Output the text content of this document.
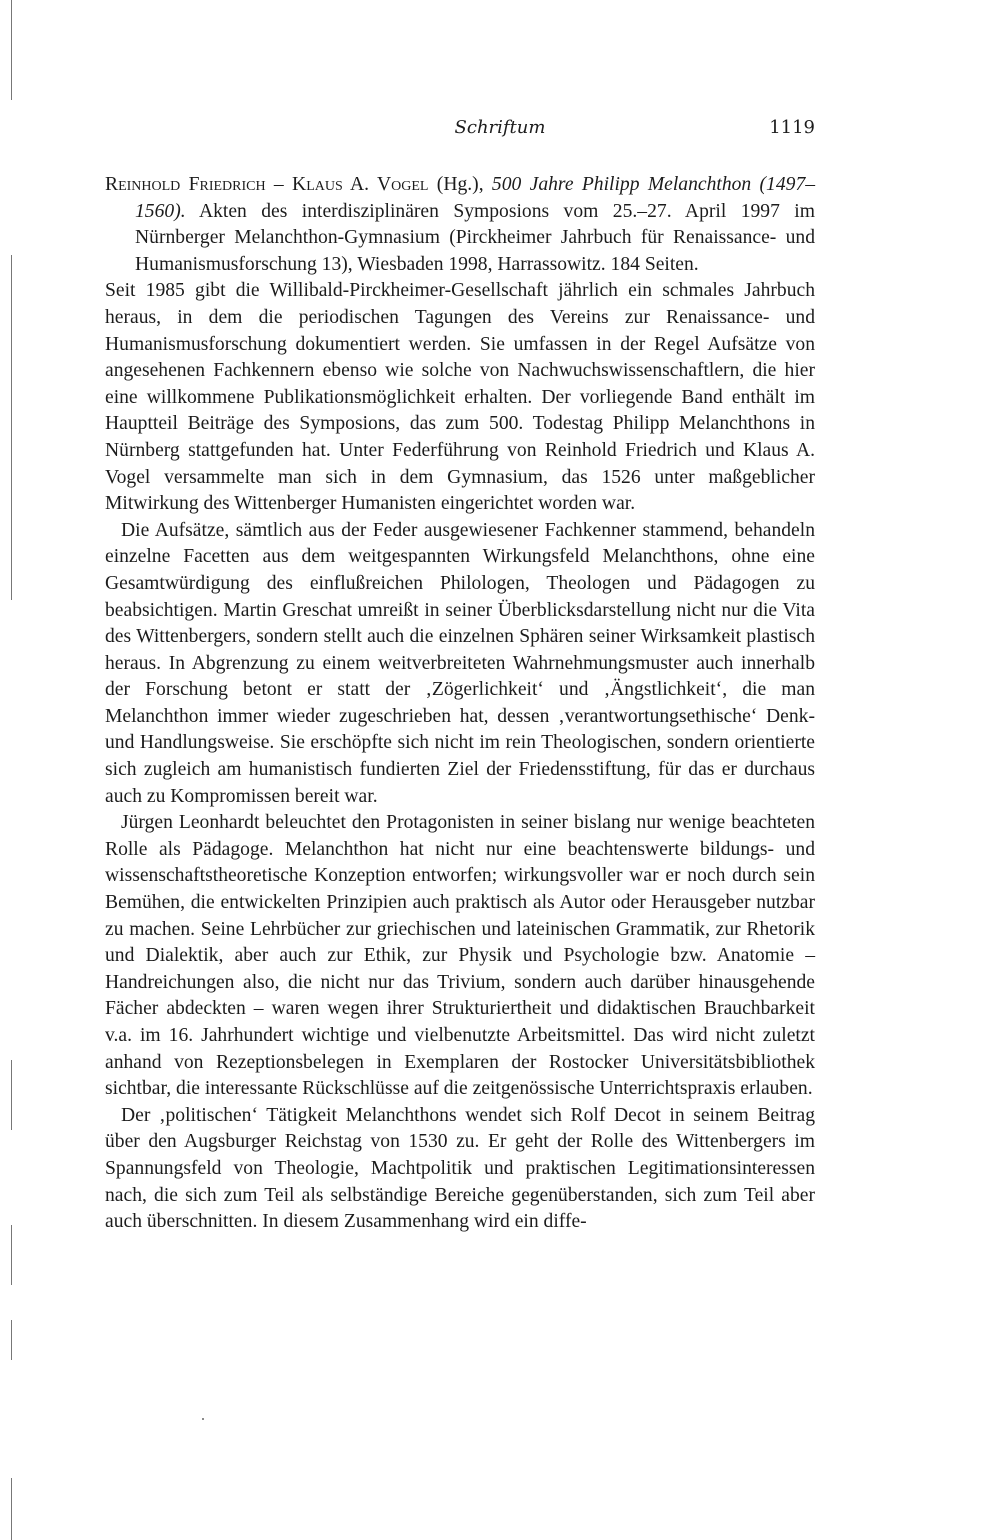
Schriftum	1119

Reinhold Friedrich – Klaus A. Vogel (Hg.), 500 Jahre Philipp Melanchthon (1497–1560). Akten des interdisziplinären Symposions vom 25.–27. April 1997 im Nürnberger Melanchthon-Gymnasium (Pirckheimer Jahrbuch für Renaissance- und Humanismusforschung 13), Wiesbaden 1998, Harrassowitz. 184 Seiten.

Seit 1985 gibt die Willibald-Pirckheimer-Gesellschaft jährlich ein schmales Jahrbuch heraus, in dem die periodischen Tagungen des Vereins zur Renaissance- und Humanismusforschung dokumentiert werden. Sie umfassen in der Regel Aufsätze von angesehenen Fachkennern ebenso wie solche von Nachwuchswissenschaftlern, die hier eine willkommene Publikationsmöglichkeit erhalten. Der vorliegende Band enthält im Hauptteil Beiträge des Symposions, das zum 500. Todestag Philipp Melanchthons in Nürnberg stattgefunden hat. Unter Federführung von Reinhold Friedrich und Klaus A. Vogel versammelte man sich in dem Gymnasium, das 1526 unter maßgeblicher Mitwirkung des Wittenberger Humanisten eingerichtet worden war.

Die Aufsätze, sämtlich aus der Feder ausgewiesener Fachkenner stammend, behandeln einzelne Facetten aus dem weitgespannten Wirkungsfeld Melanchthons, ohne eine Gesamtwürdigung des einflußreichen Philologen, Theologen und Pädagogen zu beabsichtigen. Martin Greschat umreißt in seiner Überblicksdarstellung nicht nur die Vita des Wittenbergers, sondern stellt auch die einzelnen Sphären seiner Wirksamkeit plastisch heraus. In Abgrenzung zu einem weitverbreiteten Wahrnehmungsmuster auch innerhalb der Forschung betont er statt der ‚Zögerlichkeit‘ und ‚Ängstlichkeit‘, die man Melanchthon immer wieder zugeschrieben hat, dessen ‚verantwortungsethische‘ Denk- und Handlungsweise. Sie erschöpfte sich nicht im rein Theologischen, sondern orientierte sich zugleich am humanistisch fundierten Ziel der Friedensstiftung, für das er durchaus auch zu Kompromissen bereit war.

Jürgen Leonhardt beleuchtet den Protagonisten in seiner bislang nur wenige beachteten Rolle als Pädagoge. Melanchthon hat nicht nur eine beachtenswerte bildungs- und wissenschaftstheoretische Konzeption entworfen; wirkungsvoller war er noch durch sein Bemühen, die entwickelten Prinzipien auch praktisch als Autor oder Herausgeber nutzbar zu machen. Seine Lehrbücher zur griechischen und lateinischen Grammatik, zur Rhetorik und Dialektik, aber auch zur Ethik, zur Physik und Psychologie bzw. Anatomie – Handreichungen also, die nicht nur das Trivium, sondern auch darüber hinausgehende Fächer abdeckten – waren wegen ihrer Strukturiertheit und didaktischen Brauchbarkeit v.a. im 16. Jahrhundert wichtige und vielbenutzte Arbeitsmittel. Das wird nicht zuletzt anhand von Rezeptionsbelegen in Exemplaren der Rostocker Universitätsbibliothek sichtbar, die interessante Rückschlüsse auf die zeitgenössische Unterrichtspraxis erlauben.

Der ‚politischen‘ Tätigkeit Melanchthons wendet sich Rolf Decot in seinem Beitrag über den Augsburger Reichstag von 1530 zu. Er geht der Rolle des Wittenbergers im Spannungsfeld von Theologie, Machtpolitik und praktischen Legitimationsinteressen nach, die sich zum Teil als selbständige Bereiche gegenüberstanden, sich zum Teil aber auch überschnitten. In diesem Zusammenhang wird ein diffe-
